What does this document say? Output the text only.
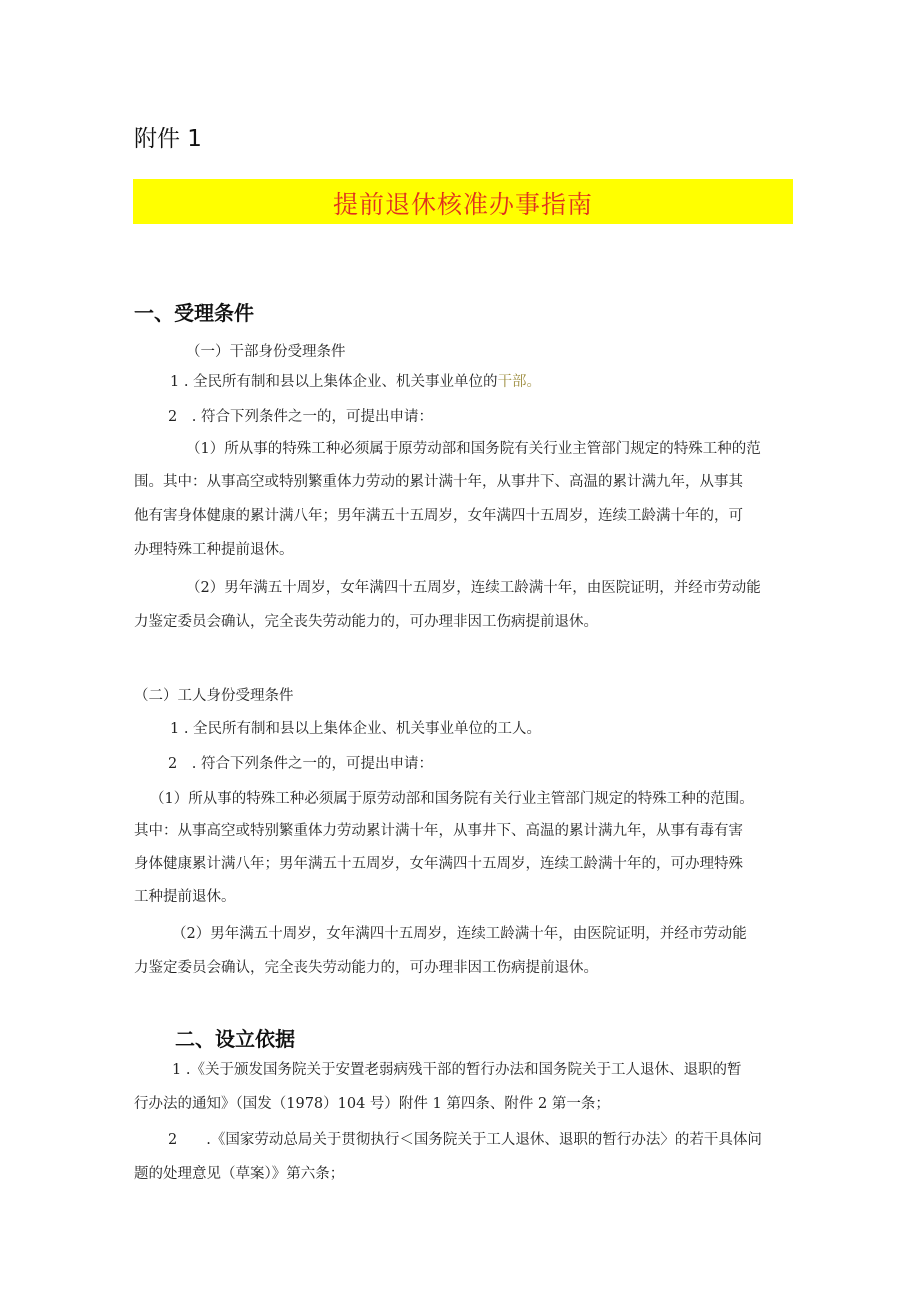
附件 1
提前退休核准办事指南
一、受理条件
（一）干部身份受理条件
1 . 全民所有制和县以上集体企业、机关事业单位的干部。
2　. 符合下列条件之一的，可提出申请：
（1）所从事的特殊工种必须属于原劳动部和国务院有关行业主管部门规定的特殊工种的范
围。其中：从事高空或特别繁重体力劳动的累计满十年，从事井下、高温的累计满九年，从事其
他有害身体健康的累计满八年；男年满五十五周岁，女年满四十五周岁，连续工龄满十年的，可
办理特殊工种提前退休。
（2）男年满五十周岁，女年满四十五周岁，连续工龄满十年，由医院证明，并经市劳动能
力鉴定委员会确认，完全丧失劳动能力的，可办理非因工伤病提前退休。
（二）工人身份受理条件
1 . 全民所有制和县以上集体企业、机关事业单位的工人。
2　. 符合下列条件之一的，可提出申请：
（1）所从事的特殊工种必须属于原劳动部和国务院有关行业主管部门规定的特殊工种的范围。
其中：从事高空或特别繁重体力劳动累计满十年，从事井下、高温的累计满九年，从事有毒有害
身体健康累计满八年；男年满五十五周岁，女年满四十五周岁，连续工龄满十年的，可办理特殊
工种提前退休。
（2）男年满五十周岁，女年满四十五周岁，连续工龄满十年，由医院证明，并经市劳动能
力鉴定委员会确认，完全丧失劳动能力的，可办理非因工伤病提前退休。
二、设立依据
1 .《关于颁发国务院关于安置老弱病残干部的暂行办法和国务院关于工人退休、退职的暂
行办法的通知》（国发（1978）104 号）附件 1 第四条、附件 2 第一条；
2　　.《国家劳动总局关于贯彻执行＜国务院关于工人退休、退职的暂行办法〉的若干具体问
题的处理意见（草案）》第六条；
